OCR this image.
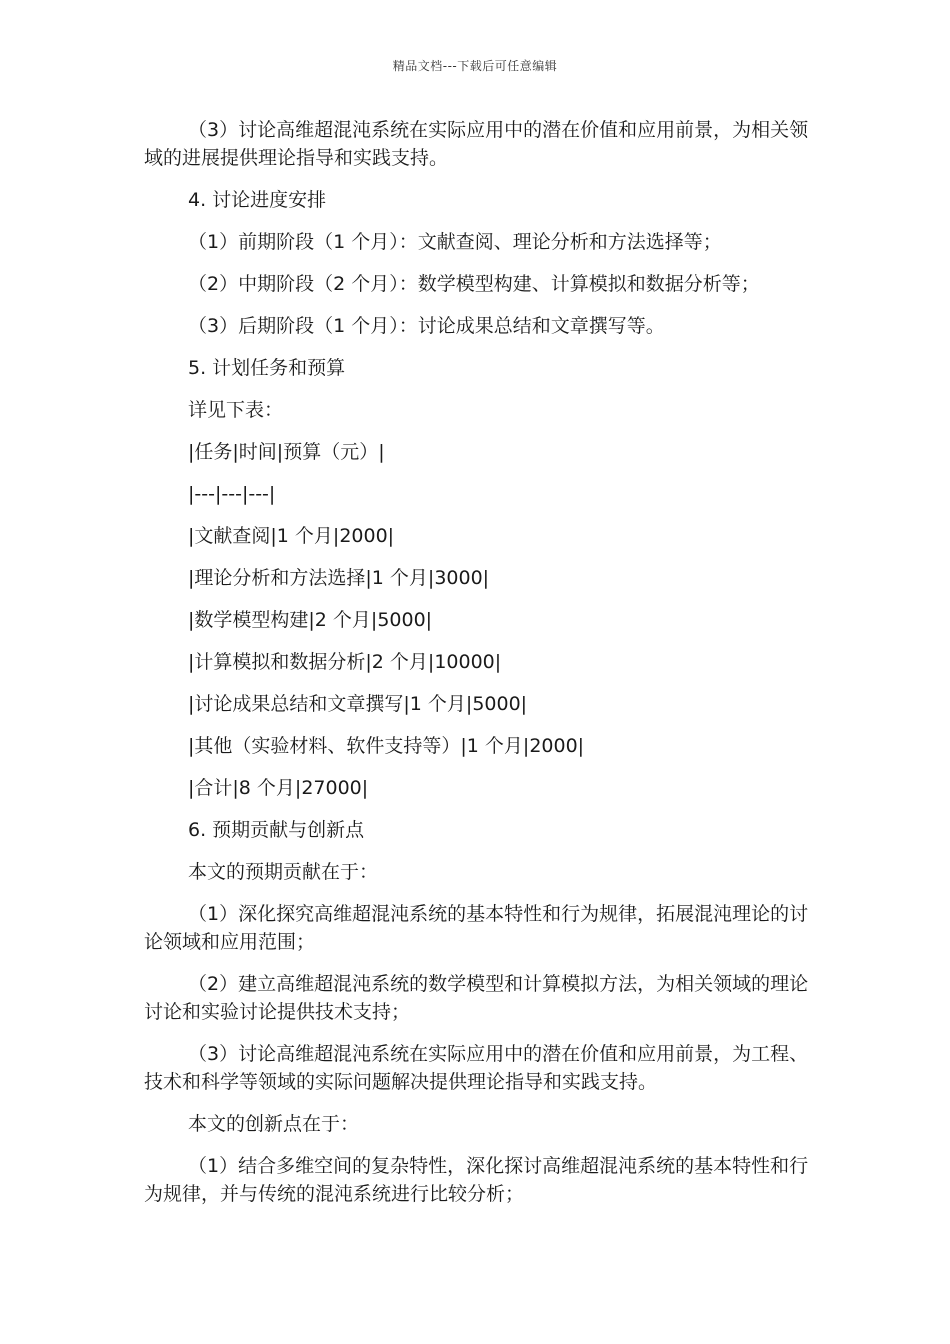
精品文档---下载后可任意编辑

（3）讨论高维超混沌系统在实际应用中的潜在价值和应用前景，为相关领域的进展提供理论指导和实践支持。

4. 讨论进度安排

（1）前期阶段（1 个月）：文献查阅、理论分析和方法选择等；

（2）中期阶段（2 个月）：数学模型构建、计算模拟和数据分析等；

（3）后期阶段（1 个月）：讨论成果总结和文章撰写等。

5. 计划任务和预算

详见下表：

|任务|时间|预算（元）|

|---|---|---|

|文献查阅|1 个月|2000|

|理论分析和方法选择|1 个月|3000|

|数学模型构建|2 个月|5000|

|计算模拟和数据分析|2 个月|10000|

|讨论成果总结和文章撰写|1 个月|5000|

|其他（实验材料、软件支持等）|1 个月|2000|

|合计|8 个月|27000|

6. 预期贡献与创新点

本文的预期贡献在于：

（1）深化探究高维超混沌系统的基本特性和行为规律，拓展混沌理论的讨论领域和应用范围；

（2）建立高维超混沌系统的数学模型和计算模拟方法，为相关领域的理论讨论和实验讨论提供技术支持；

（3）讨论高维超混沌系统在实际应用中的潜在价值和应用前景，为工程、技术和科学等领域的实际问题解决提供理论指导和实践支持。

本文的创新点在于：

（1）结合多维空间的复杂特性，深化探讨高维超混沌系统的基本特性和行为规律，并与传统的混沌系统进行比较分析；
